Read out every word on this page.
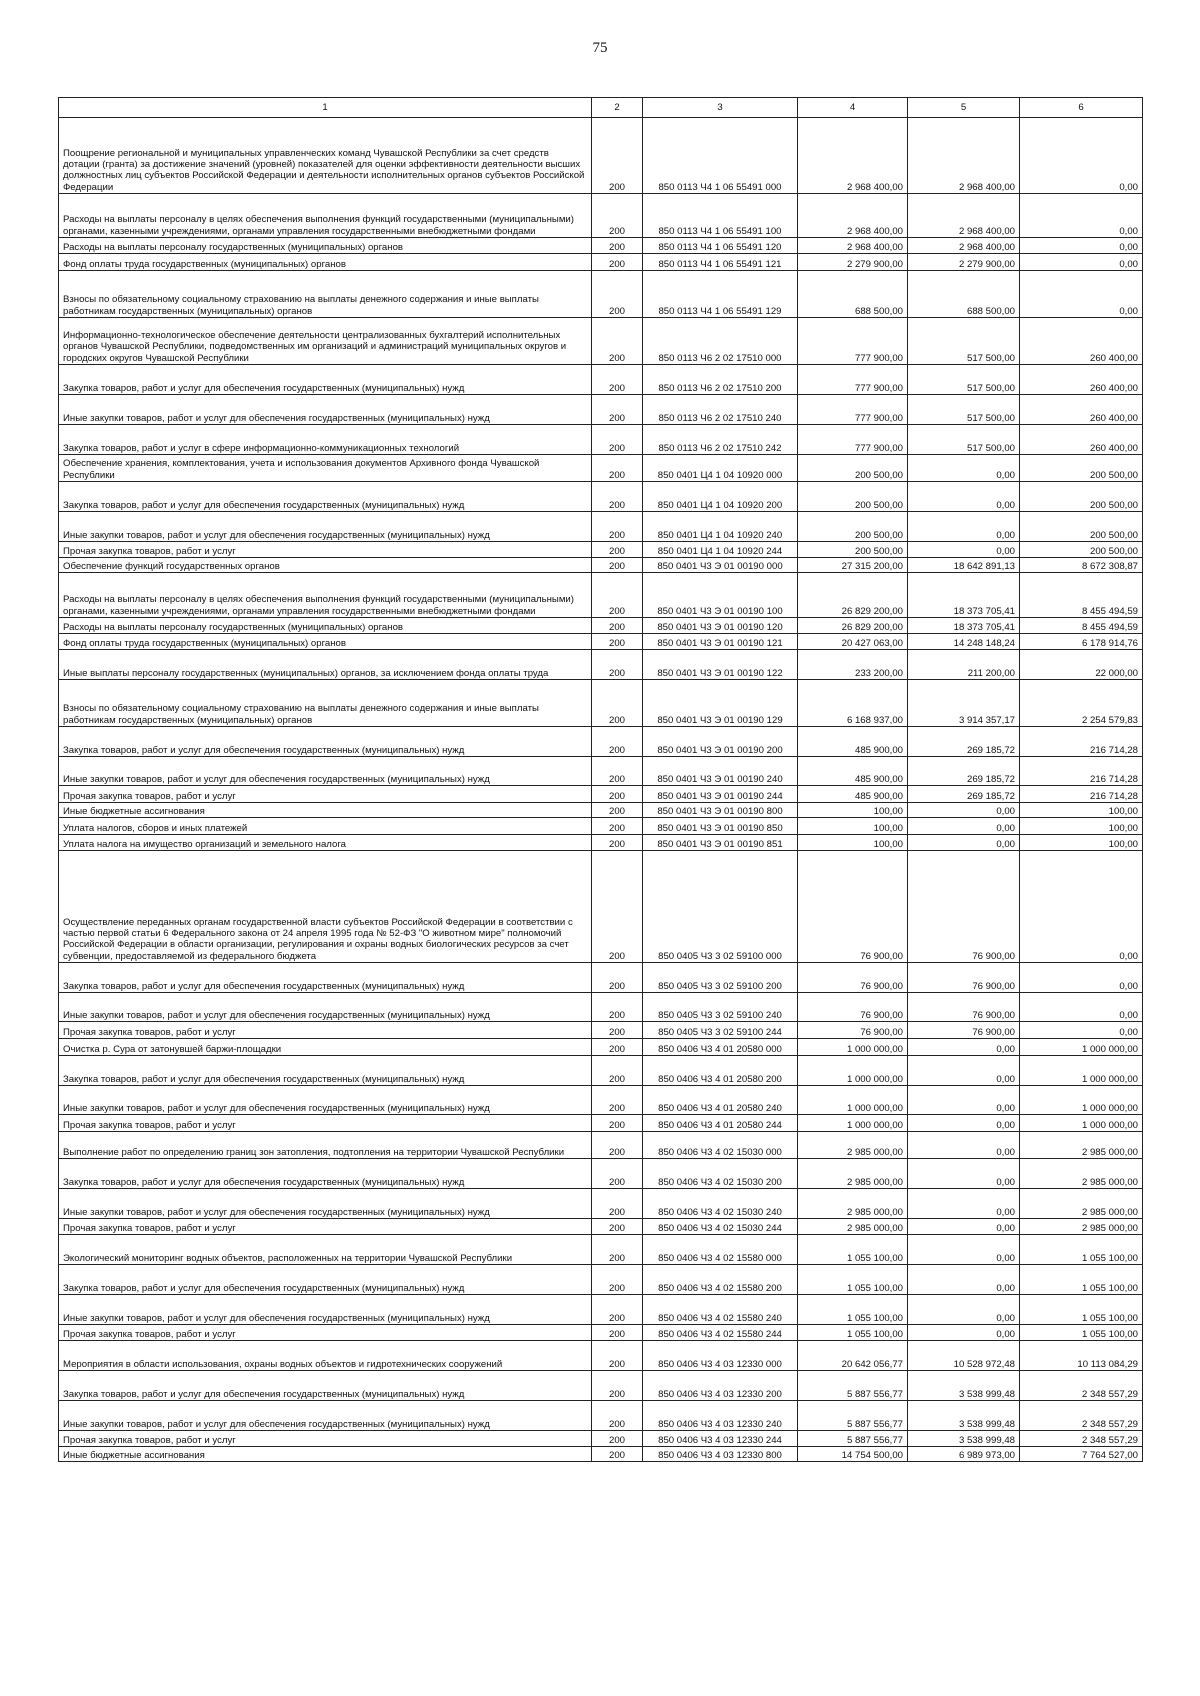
75
1	2	3	4	5	6
Поощрение региональной и муниципальных управленческих команд Чувашской Республики за счет средств дотации (гранта) за достижение значений (уровней) показателей для оценки эффективности деятельности высших должностных лиц субъектов Российской Федерации и деятельности исполнительных органов субъектов Российской Федерации	200	850 0113 Ч4 1 06 55491 000	2 968 400,00	2 968 400,00	0,00
Расходы на выплаты персоналу в целях обеспечения выполнения функций государственными (муниципальными) органами, казенными учреждениями, органами управления государственными внебюджетными фондами	200	850 0113 Ч4 1 06 55491 100	2 968 400,00	2 968 400,00	0,00
Расходы на выплаты персоналу государственных (муниципальных) органов	200	850 0113 Ч4 1 06 55491 120	2 968 400,00	2 968 400,00	0,00
Фонд оплаты труда государственных (муниципальных) органов	200	850 0113 Ч4 1 06 55491 121	2 279 900,00	2 279 900,00	0,00
Взносы по обязательному социальному страхованию на выплаты денежного содержания и иные выплаты работникам государственных (муниципальных) органов	200	850 0113 Ч4 1 06 55491 129	688 500,00	688 500,00	0,00
Информационно-технологическое обеспечение деятельности централизованных бухгалтерий исполнительных органов Чувашской Республики, подведомственных им организаций и администраций муниципальных округов и городских округов Чувашской Республики	200	850 0113 Ч6 2 02 17510 000	777 900,00	517 500,00	260 400,00
Закупка товаров, работ и услуг для обеспечения государственных (муниципальных) нужд	200	850 0113 Ч6 2 02 17510 200	777 900,00	517 500,00	260 400,00
Иные закупки товаров, работ и услуг для обеспечения государственных (муниципальных) нужд	200	850 0113 Ч6 2 02 17510 240	777 900,00	517 500,00	260 400,00
Закупка товаров, работ и услуг в сфере информационно-коммуникационных технологий	200	850 0113 Ч6 2 02 17510 242	777 900,00	517 500,00	260 400,00
Обеспечение хранения, комплектования, учета и использования документов Архивного фонда Чувашской Республики	200	850 0401 Ц4 1 04 10920 000	200 500,00	0,00	200 500,00
Закупка товаров, работ и услуг для обеспечения государственных (муниципальных) нужд	200	850 0401 Ц4 1 04 10920 200	200 500,00	0,00	200 500,00
Иные закупки товаров, работ и услуг для обеспечения государственных (муниципальных) нужд	200	850 0401 Ц4 1 04 10920 240	200 500,00	0,00	200 500,00
Прочая закупка товаров, работ и услуг	200	850 0401 Ц4 1 04 10920 244	200 500,00	0,00	200 500,00
Обеспечение функций государственных органов	200	850 0401 Ч3 Э 01 00190 000	27 315 200,00	18 642 891,13	8 672 308,87
Расходы на выплаты персоналу в целях обеспечения выполнения функций государственными (муниципальными) органами, казенными учреждениями, органами управления государственными внебюджетными фондами	200	850 0401 Ч3 Э 01 00190 100	26 829 200,00	18 373 705,41	8 455 494,59
Расходы на выплаты персоналу государственных (муниципальных) органов	200	850 0401 Ч3 Э 01 00190 120	26 829 200,00	18 373 705,41	8 455 494,59
Фонд оплаты труда государственных (муниципальных) органов	200	850 0401 Ч3 Э 01 00190 121	20 427 063,00	14 248 148,24	6 178 914,76
Иные выплаты персоналу государственных (муниципальных) органов, за исключением фонда оплаты труда	200	850 0401 Ч3 Э 01 00190 122	233 200,00	211 200,00	22 000,00
Взносы по обязательному социальному страхованию на выплаты денежного содержания и иные выплаты работникам государственных (муниципальных) органов	200	850 0401 Ч3 Э 01 00190 129	6 168 937,00	3 914 357,17	2 254 579,83
Закупка товаров, работ и услуг для обеспечения государственных (муниципальных) нужд	200	850 0401 Ч3 Э 01 00190 200	485 900,00	269 185,72	216 714,28
Иные закупки товаров, работ и услуг для обеспечения государственных (муниципальных) нужд	200	850 0401 Ч3 Э 01 00190 240	485 900,00	269 185,72	216 714,28
Прочая закупка товаров, работ и услуг	200	850 0401 Ч3 Э 01 00190 244	485 900,00	269 185,72	216 714,28
Иные бюджетные ассигнования	200	850 0401 Ч3 Э 01 00190 800	100,00	0,00	100,00
Уплата налогов, сборов и иных платежей	200	850 0401 Ч3 Э 01 00190 850	100,00	0,00	100,00
Уплата налога на имущество организаций и земельного налога	200	850 0401 Ч3 Э 01 00190 851	100,00	0,00	100,00
Осуществление переданных органам государственной власти субъектов Российской Федерации в соответствии с частью первой статьи 6 Федерального закона от 24 апреля 1995 года № 52-ФЗ "О животном мире" полномочий Российской Федерации в области организации, регулирования и охраны водных биологических ресурсов за счет субвенции, предоставляемой из федерального бюджета	200	850 0405 Ч3 3 02 59100 000	76 900,00	76 900,00	0,00
Закупка товаров, работ и услуг для обеспечения государственных (муниципальных) нужд	200	850 0405 Ч3 3 02 59100 200	76 900,00	76 900,00	0,00
Иные закупки товаров, работ и услуг для обеспечения государственных (муниципальных) нужд	200	850 0405 Ч3 3 02 59100 240	76 900,00	76 900,00	0,00
Прочая закупка товаров, работ и услуг	200	850 0405 Ч3 3 02 59100 244	76 900,00	76 900,00	0,00
Очистка р. Сура от затонувшей баржи-площадки	200	850 0406 Ч3 4 01 20580 000	1 000 000,00	0,00	1 000 000,00
Закупка товаров, работ и услуг для обеспечения государственных (муниципальных) нужд	200	850 0406 Ч3 4 01 20580 200	1 000 000,00	0,00	1 000 000,00
Иные закупки товаров, работ и услуг для обеспечения государственных (муниципальных) нужд	200	850 0406 Ч3 4 01 20580 240	1 000 000,00	0,00	1 000 000,00
Прочая закупка товаров, работ и услуг	200	850 0406 Ч3 4 01 20580 244	1 000 000,00	0,00	1 000 000,00
Выполнение работ по определению границ зон затопления, подтопления на территории Чувашской Республики	200	850 0406 Ч3 4 02 15030 000	2 985 000,00	0,00	2 985 000,00
Закупка товаров, работ и услуг для обеспечения государственных (муниципальных) нужд	200	850 0406 Ч3 4 02 15030 200	2 985 000,00	0,00	2 985 000,00
Иные закупки товаров, работ и услуг для обеспечения государственных (муниципальных) нужд	200	850 0406 Ч3 4 02 15030 240	2 985 000,00	0,00	2 985 000,00
Прочая закупка товаров, работ и услуг	200	850 0406 Ч3 4 02 15030 244	2 985 000,00	0,00	2 985 000,00
Экологический мониторинг водных объектов, расположенных на территории Чувашской Республики	200	850 0406 Ч3 4 02 15580 000	1 055 100,00	0,00	1 055 100,00
Закупка товаров, работ и услуг для обеспечения государственных (муниципальных) нужд	200	850 0406 Ч3 4 02 15580 200	1 055 100,00	0,00	1 055 100,00
Иные закупки товаров, работ и услуг для обеспечения государственных (муниципальных) нужд	200	850 0406 Ч3 4 02 15580 240	1 055 100,00	0,00	1 055 100,00
Прочая закупка товаров, работ и услуг	200	850 0406 Ч3 4 02 15580 244	1 055 100,00	0,00	1 055 100,00
Мероприятия в области использования, охраны водных объектов и гидротехнических сооружений	200	850 0406 Ч3 4 03 12330 000	20 642 056,77	10 528 972,48	10 113 084,29
Закупка товаров, работ и услуг для обеспечения государственных (муниципальных) нужд	200	850 0406 Ч3 4 03 12330 200	5 887 556,77	3 538 999,48	2 348 557,29
Иные закупки товаров, работ и услуг для обеспечения государственных (муниципальных) нужд	200	850 0406 Ч3 4 03 12330 240	5 887 556,77	3 538 999,48	2 348 557,29
Прочая закупка товаров, работ и услуг	200	850 0406 Ч3 4 03 12330 244	5 887 556,77	3 538 999,48	2 348 557,29
Иные бюджетные ассигнования	200	850 0406 Ч3 4 03 12330 800	14 754 500,00	6 989 973,00	7 764 527,00
